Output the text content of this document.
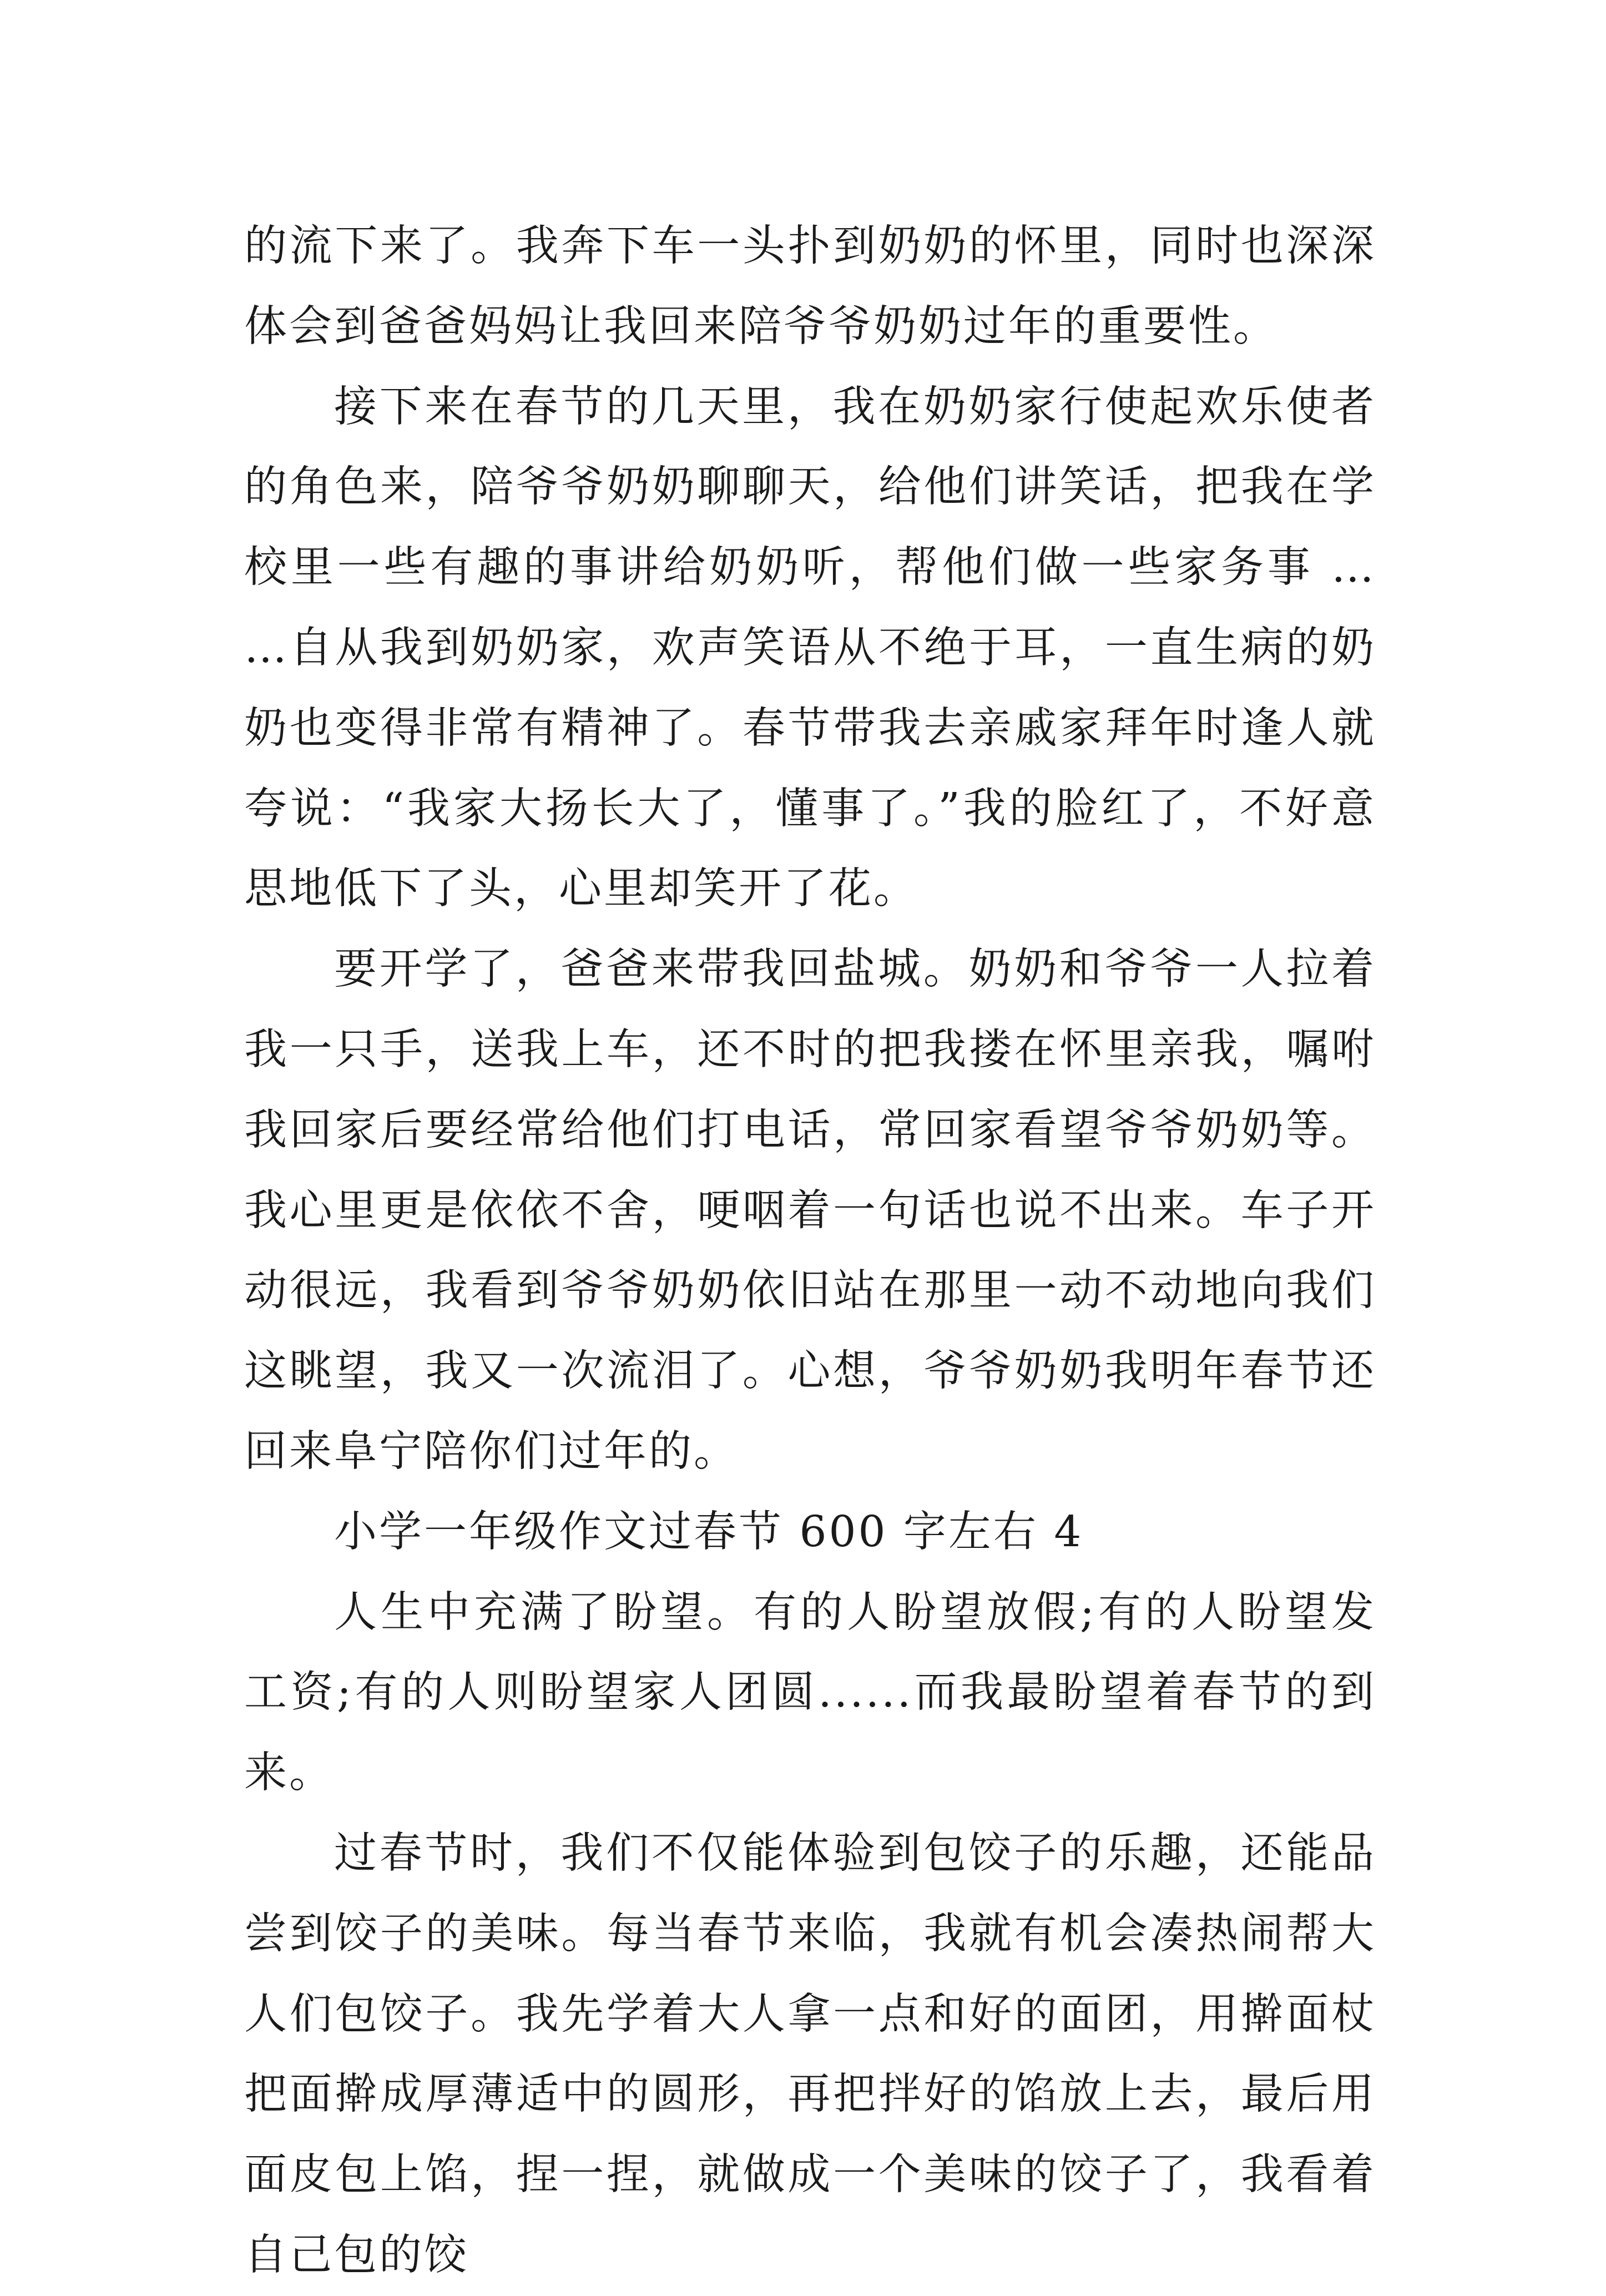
的流下来了。我奔下车一头扑到奶奶的怀里，同时也深深体会到爸爸妈妈让我回来陪爷爷奶奶过年的重要性。

接下来在春节的几天里，我在奶奶家行使起欢乐使者的角色来，陪爷爷奶奶聊聊天，给他们讲笑话，把我在学校里一些有趣的事讲给奶奶听，帮他们做一些家务事 … …自从我到奶奶家，欢声笑语从不绝于耳，一直生病的奶奶也变得非常有精神了。春节带我去亲戚家拜年时逢人就夸说：“我家大扬长大了，懂事了。”我的脸红了，不好意思地低下了头，心里却笑开了花。

要开学了，爸爸来带我回盐城。奶奶和爷爷一人拉着我一只手，送我上车，还不时的把我搂在怀里亲我，嘱咐我回家后要经常给他们打电话，常回家看望爷爷奶奶等。我心里更是依依不舍，哽咽着一句话也说不出来。车子开动很远，我看到爷爷奶奶依旧站在那里一动不动地向我们这眺望，我又一次流泪了。心想，爷爷奶奶我明年春节还回来阜宁陪你们过年的。

小学一年级作文过春节 600 字左右 4

人生中充满了盼望。有的人盼望放假;有的人盼望发工资;有的人则盼望家人团圆......而我最盼望着春节的到来。

过春节时，我们不仅能体验到包饺子的乐趣，还能品尝到饺子的美味。每当春节来临，我就有机会凑热闹帮大人们包饺子。我先学着大人拿一点和好的面团，用擀面杖把面擀成厚薄适中的圆形，再把拌好的馅放上去，最后用面皮包上馅，捏一捏，就做成一个美味的饺子了，我看着自己包的饺
